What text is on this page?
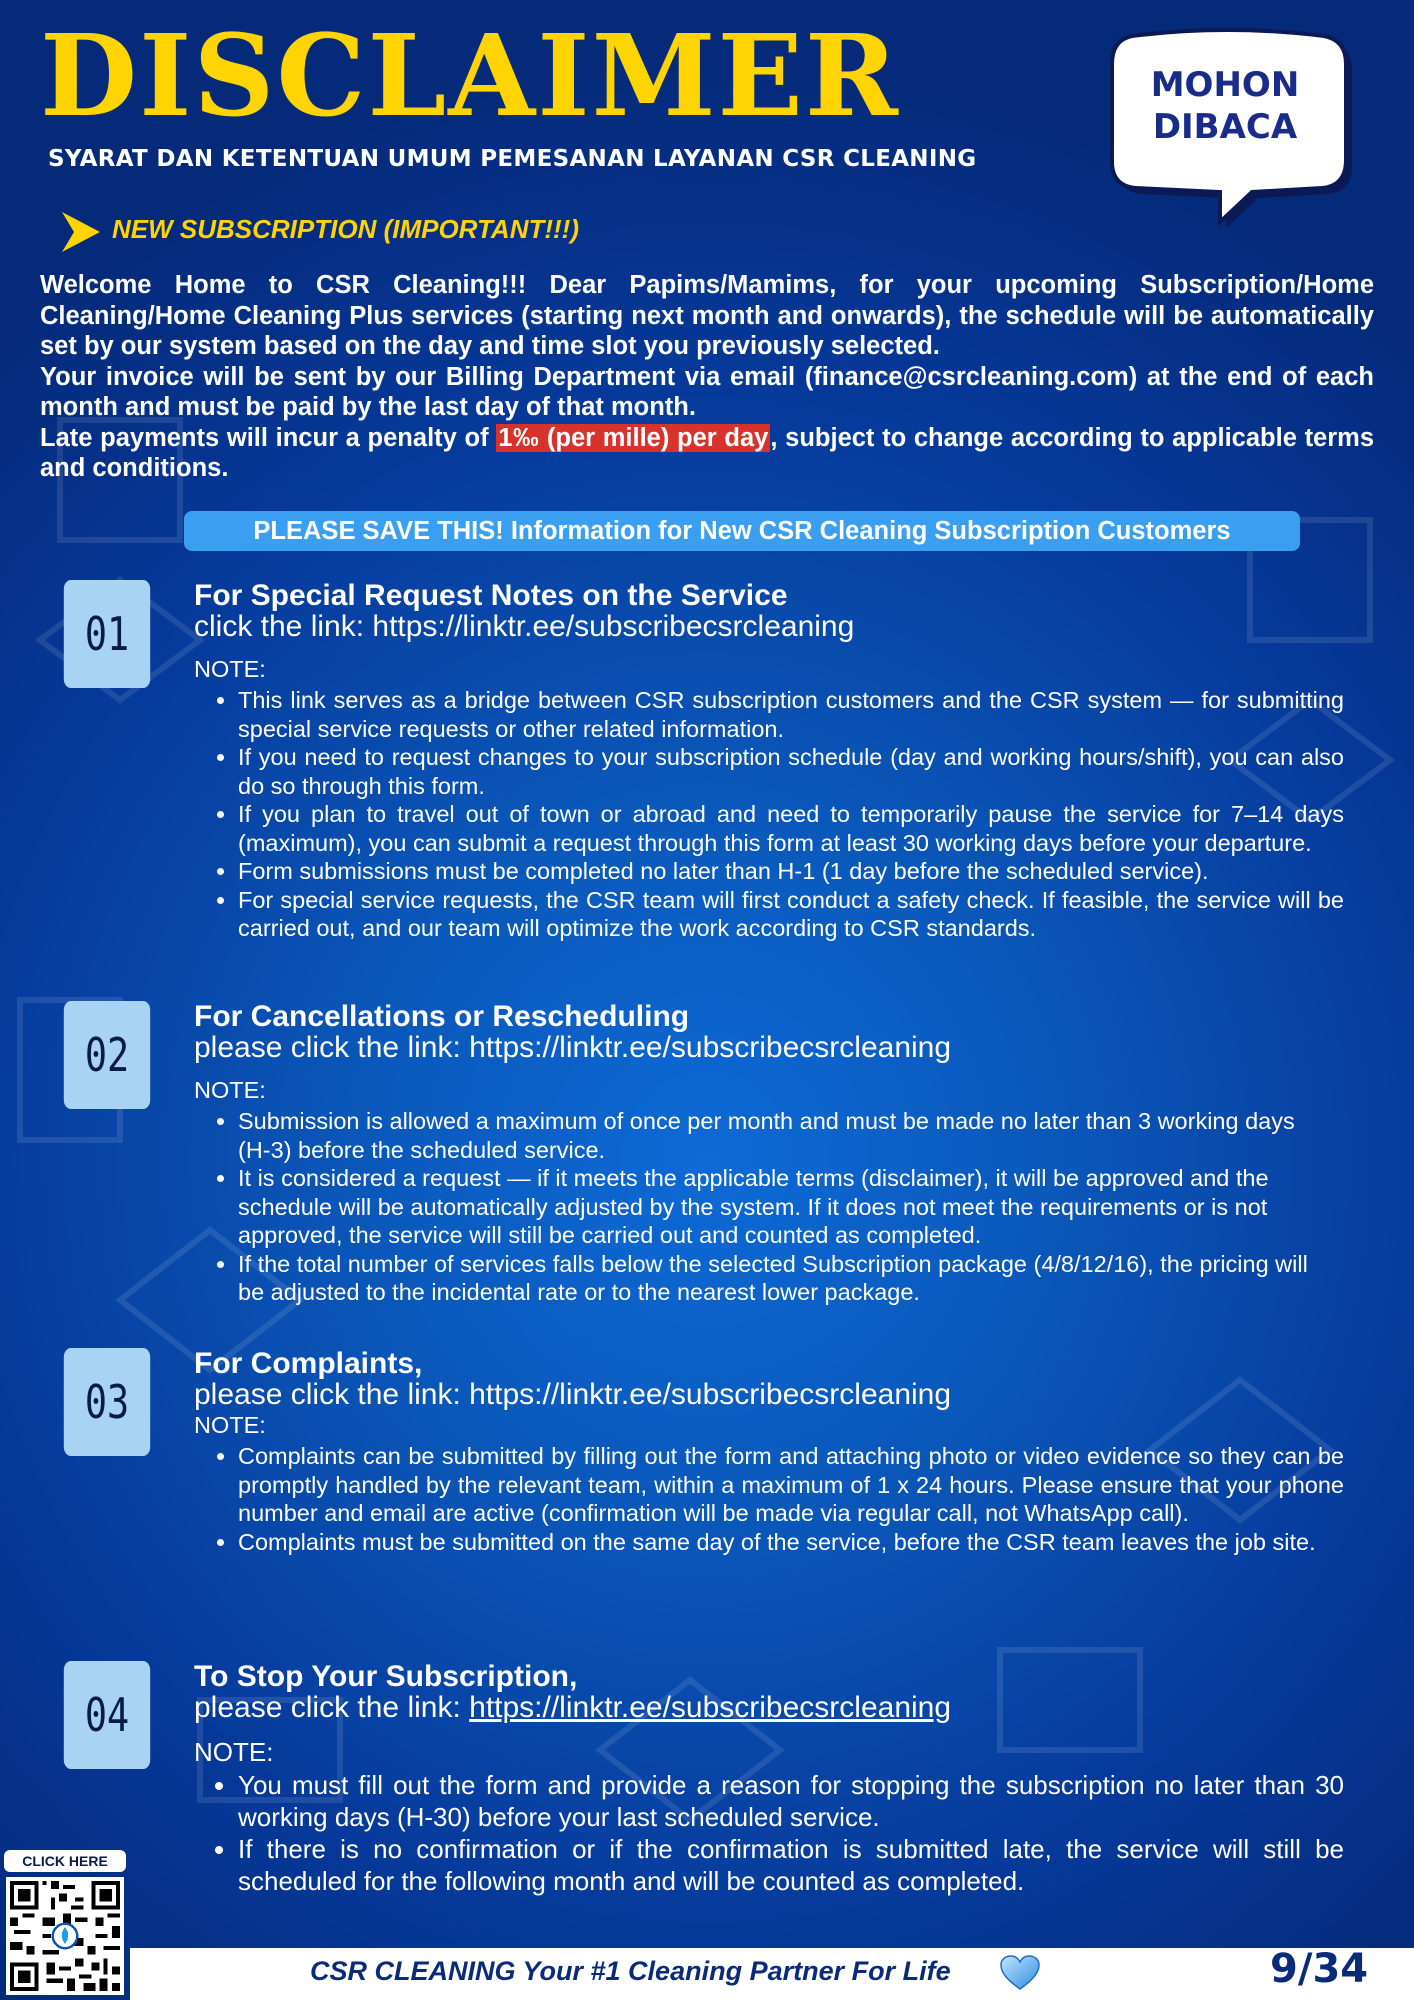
DISCLAIMER
SYARAT DAN KETENTUAN UMUM PEMESANAN LAYANAN CSR CLEANING
MOHON
DIBACA
NEW SUBSCRIPTION (IMPORTANT!!!)

Welcome Home to CSR Cleaning!!! Dear Papims/Mamims, for your upcoming Subscription/Home Cleaning/Home Cleaning Plus services (starting next month and onwards), the schedule will be automatically set by our system based on the day and time slot you previously selected.

Your invoice will be sent by our Billing Department via email (finance@csrcleaning.com) at the end of each month and must be paid by the last day of that month.

Late payments will incur a penalty of 1‰ (per mille) per day, subject to change according to applicable terms and conditions.

PLEASE SAVE THIS! Information for New CSR Cleaning Subscription Customers
01
For Special Request Notes on the Service

click the link: https://linktr.ee/subscribecsrcleaning

NOTE:

• This link serves as a bridge between CSR subscription customers and the CSR system — for submitting special service requests or other related information.
• If you need to request changes to your subscription schedule (day and working hours/shift), you can also do so through this form.
• If you plan to travel out of town or abroad and need to temporarily pause the service for 7–14 days (maximum), you can submit a request through this form at least 30 working days before your departure.
• Form submissions must be completed no later than H-1 (1 day before the scheduled service).
• For special service requests, the CSR team will first conduct a safety check. If feasible, the service will be carried out, and our team will optimize the work according to CSR standards.
02
For Cancellations or Rescheduling

please click the link: https://linktr.ee/subscribecsrcleaning

NOTE:

• Submission is allowed a maximum of once per month and must be made no later than 3 working days (H-3) before the scheduled service.
• It is considered a request — if it meets the applicable terms (disclaimer), it will be approved and the schedule will be automatically adjusted by the system. If it does not meet the requirements or is not approved, the service will still be carried out and counted as completed.
• If the total number of services falls below the selected Subscription package (4/8/12/16), the pricing will be adjusted to the incidental rate or to the nearest lower package.
03
For Complaints,

please click the link: https://linktr.ee/subscribecsrcleaning

NOTE:

• Complaints can be submitted by filling out the form and attaching photo or video evidence so they can be promptly handled by the relevant team, within a maximum of 1 x 24 hours. Please ensure that your phone number and email are active (confirmation will be made via regular call, not WhatsApp call).
• Complaints must be submitted on the same day of the service, before the CSR team leaves the job site.
04
To Stop Your Subscription,

please click the link: https://linktr.ee/subscribecsrcleaning

NOTE:

• You must fill out the form and provide a reason for stopping the subscription no later than 30 working days (H-30) before your last scheduled service.
• If there is no confirmation or if the confirmation is submitted late, the service will still be scheduled for the following month and will be counted as completed.
CLICK HERE
CSR CLEANING Your #1 Cleaning Partner For Life	9/34
